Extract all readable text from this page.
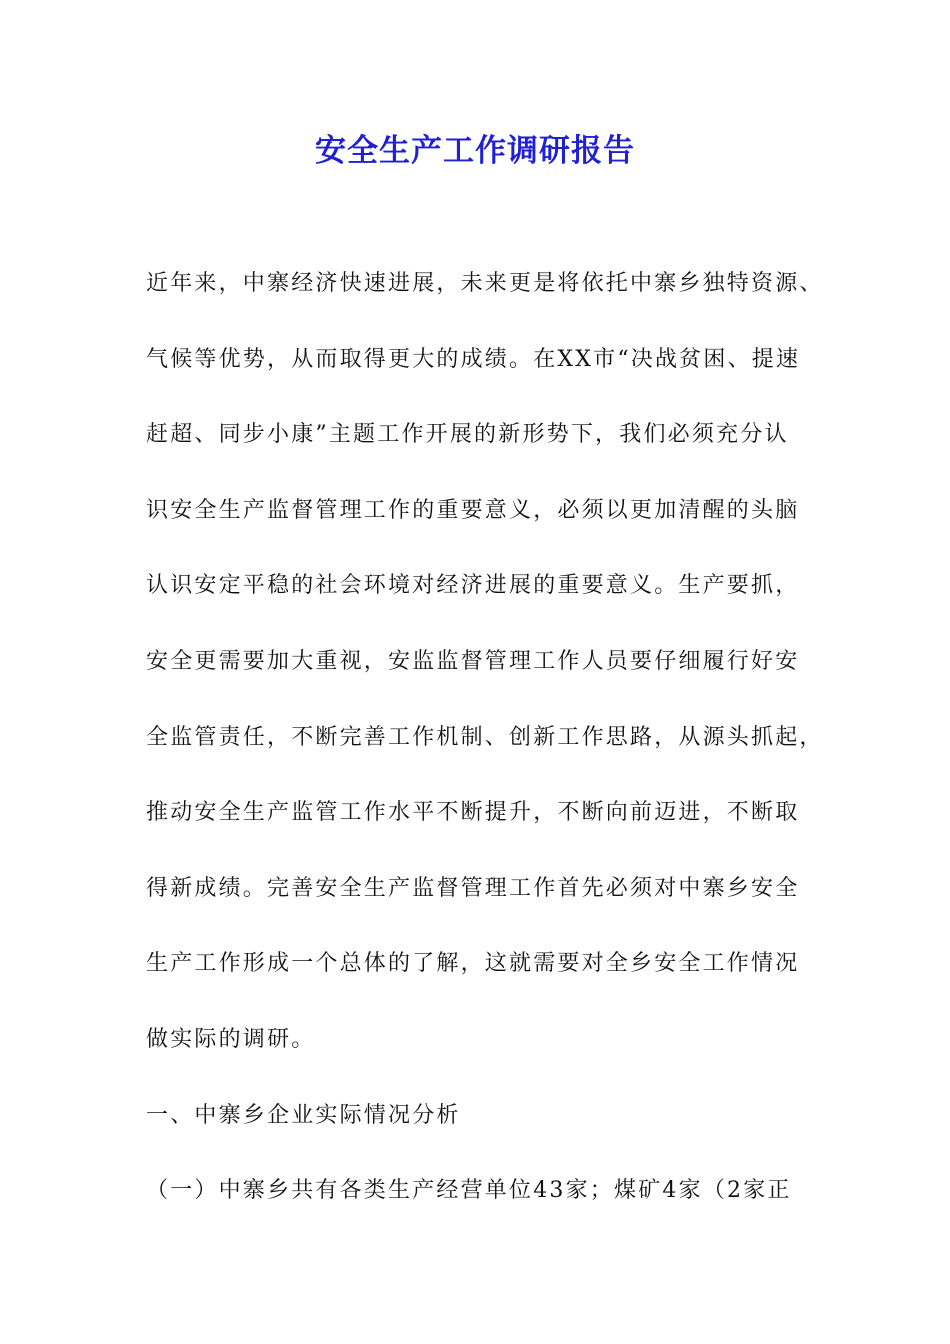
安全生产工作调研报告
近年来，中寨经济快速进展，未来更是将依托中寨乡独特资源、
气候等优势，从而取得更大的成绩。在XX市“决战贫困、提速
赶超、同步小康”主题工作开展的新形势下，我们必须充分认
识安全生产监督管理工作的重要意义，必须以更加清醒的头脑
认识安定平稳的社会环境对经济进展的重要意义。生产要抓，
安全更需要加大重视，安监监督管理工作人员要仔细履行好安
全监管责任，不断完善工作机制、创新工作思路，从源头抓起，
推动安全生产监管工作水平不断提升，不断向前迈进，不断取
得新成绩。完善安全生产监督管理工作首先必须对中寨乡安全
生产工作形成一个总体的了解，这就需要对全乡安全工作情况
做实际的调研。
一、中寨乡企业实际情况分析
（一）中寨乡共有各类生产经营单位43家；煤矿4家（2家正
